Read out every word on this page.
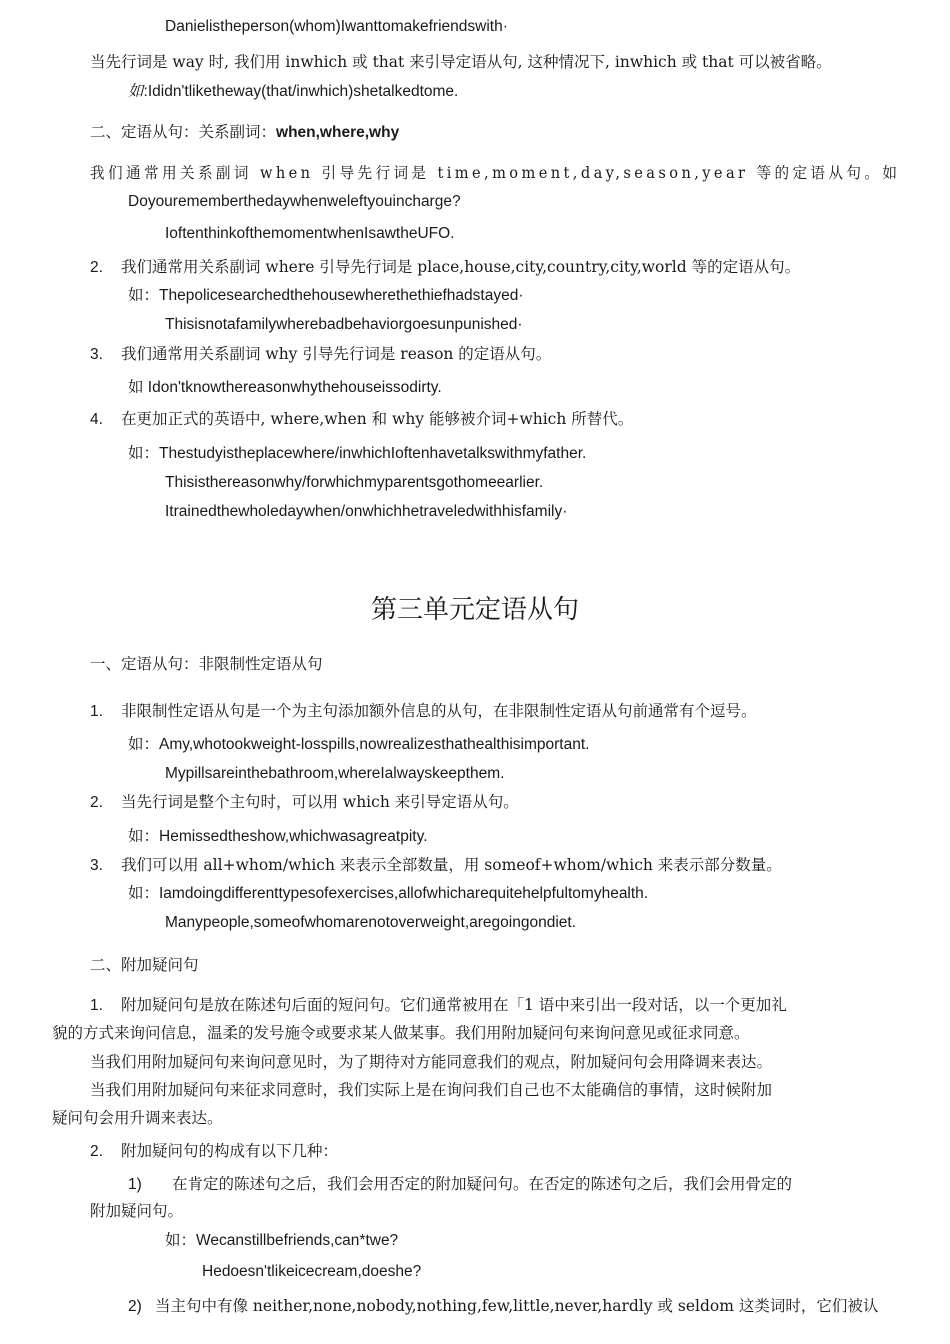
Danielistheperson(whom)Iwanttomakefriendswith·
当先行词是 way 时, 我们用 inwhich 或 that 来引导定语从句, 这种情况下, inwhich 或 that 可以被省略。
如:Ididn'tliketheway(that/inwhich)shetalkedtome.
二、定语从句：关系副词：when,where,why
我们通常用关系副词 when 引导先行词是 time,moment,day,season,year 等的定语从句。如
Doyourememberthedaywhenweleftyouincharge?
IoftenthinkofthemomentwhenIsawtheUFO.
2. 我们通常用关系副词 where 引导先行词是 place,house,city,country,city,world 等的定语从句。
如：Thepolicesearchedthehousewherethethiefhadstayed·
Thisisnotafamilywherebadbehaviorgoesunpunished·
3. 我们通常用关系副词 why 引导先行词是 reason 的定语从句。
如 Idon'tknowthereasonwhythehouseissodirty.
4. 在更加正式的英语中, where,when 和 why 能够被介词+which 所替代。
如：Thestudyistheplacewhere/inwhichIoftenhavetalkswithmyfather.
Thisisthereasonwhy/forwhichmyparentsgothomeearlier.
Itrainedthewholedaywhen/onwhichhetraveledwithhisfamily·
第三单元定语从句
一、定语从句：非限制性定语从句
1. 非限制性定语从句是一个为主句添加额外信息的从句，在非限制性定语从句前通常有个逗号。
如：Amy,whotookweight-losspills,nowrealizesthathealthisimportant.
Mypillsareinthebathroom,whereIalwayskeepthem.
2. 当先行词是整个主句时，可以用 which 来引导定语从句。
如：Hemissedtheshow,whichwasagreatpity.
3. 我们可以用 all+whom/which 来表示全部数量，用 someof+whom/which 来表示部分数量。
如：Iamdoingdifferenttypesofexercises,allofwhicharequitehelpfultomyhealth.
Manypeople,someofwhomarenotoverweight,aregoingondiet.
二、附加疑问句
1. 附加疑问句是放在陈述句后面的短问句。它们通常被用在「1 语中来引出一段对话，以一个更加礼
貌的方式来询问信息，温柔的发号施令或要求某人做某事。我们用附加疑问句来询问意见或征求同意。
当我们用附加疑问句来询问意见时，为了期待对方能同意我们的观点，附加疑问句会用降调来表达。
当我们用附加疑问句来征求同意时，我们实际上是在询问我们自己也不太能确信的事情，这时候附加
疑问句会用升调来表达。
2. 附加疑问句的构成有以下几种：
1) 在肯定的陈述句之后，我们会用否定的附加疑问句。在否定的陈述句之后，我们会用骨定的
附加疑问句。
如：Wecanstillbefriends,can*twe?
Hedoesn'tlikeicecream,doeshe?
2) 当主句中有像 neither,none,nobody,nothing,few,little,never,hardly 或 seldom 这类词时，它们被认
